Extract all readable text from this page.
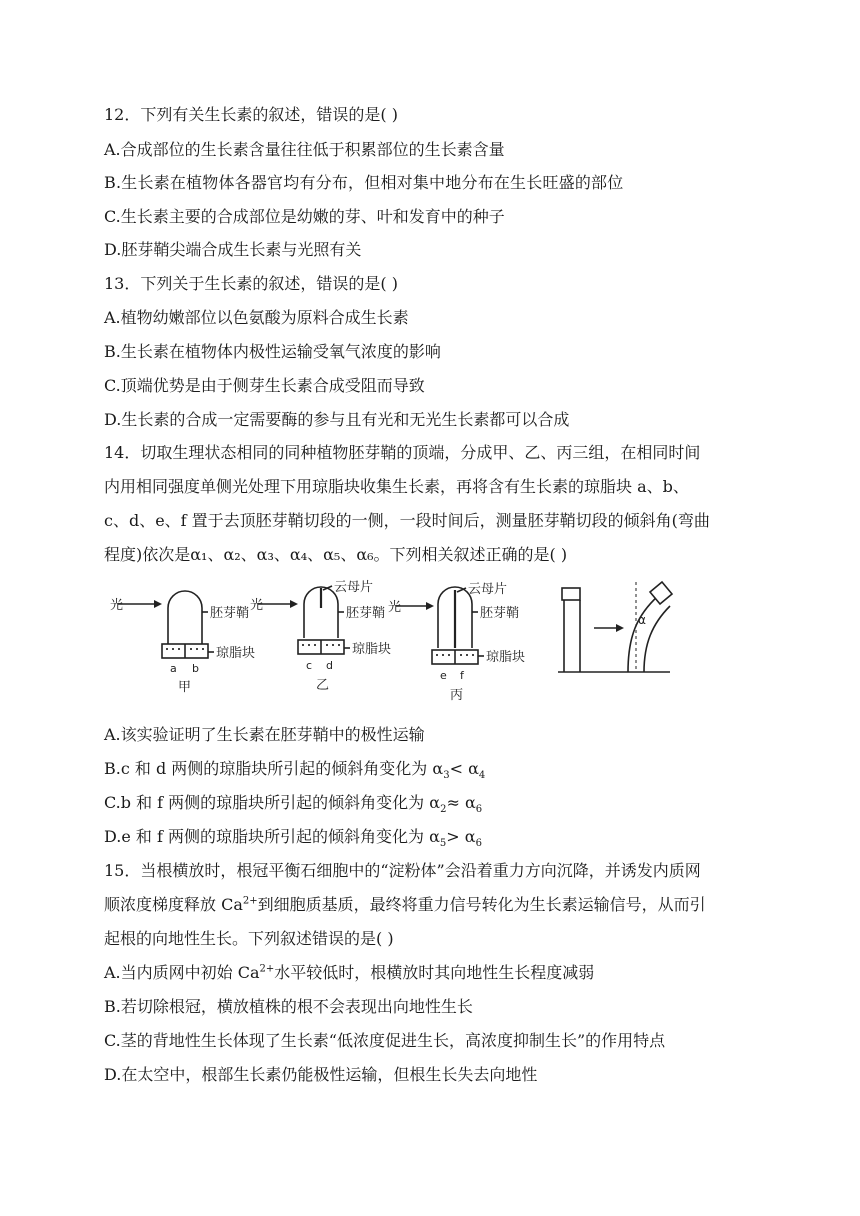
12．下列有关生长素的叙述，错误的是( )
A.合成部位的生长素含量往往低于积累部位的生长素含量
B.生长素在植物体各器官均有分布，但相对集中地分布在生长旺盛的部位
C.生长素主要的合成部位是幼嫩的芽、叶和发育中的种子
D.胚芽鞘尖端合成生长素与光照有关
13．下列关于生长素的叙述，错误的是( )
A.植物幼嫩部位以色氨酸为原料合成生长素
B.生长素在植物体内极性运输受氧气浓度的影响
C.顶端优势是由于侧芽生长素合成受阻而导致
D.生长素的合成一定需要酶的参与且有光和无光生长素都可以合成
14．切取生理状态相同的同种植物胚芽鞘的顶端，分成甲、乙、丙三组，在相同时间
内用相同强度单侧光处理下用琼脂块收集生长素，再将含有生长素的琼脂块 a、b、
c、d、e、f 置于去顶胚芽鞘切段的一侧，一段时间后，测量胚芽鞘切段的倾斜角(弯曲
程度)依次是α₁、α₂、α₃、α₄、α₅、α₆。下列相关叙述正确的是( )
光
胚芽鞘
琼脂块
a b
甲
光
云母片
胚芽鞘
琼脂块
c d
乙
光
云母片
胚芽鞘
琼脂块
e f
丙
α
A.该实验证明了生长素在胚芽鞘中的极性运输
B.c 和 d 两侧的琼脂块所引起的倾斜角变化为 $\alpha_3< \alpha_4$
C.b 和 f 两侧的琼脂块所引起的倾斜角变化为 $\alpha_2\approx \alpha_6$
D.e 和 f 两侧的琼脂块所引起的倾斜角变化为 $\alpha_5> \alpha_6$
15．当根横放时，根冠平衡石细胞中的“淀粉体”会沿着重力方向沉降，并诱发内质网
顺浓度梯度释放 $Ca^{2+}$到细胞质基质，最终将重力信号转化为生长素运输信号，从而引
起根的向地性生长。下列叙述错误的是( )
A.当内质网中初始 $Ca^{2+}$水平较低时，根横放时其向地性生长程度减弱
B.若切除根冠，横放植株的根不会表现出向地性生长
C.茎的背地性生长体现了生长素“低浓度促进生长，高浓度抑制生长”的作用特点
D.在太空中，根部生长素仍能极性运输，但根生长失去向地性
